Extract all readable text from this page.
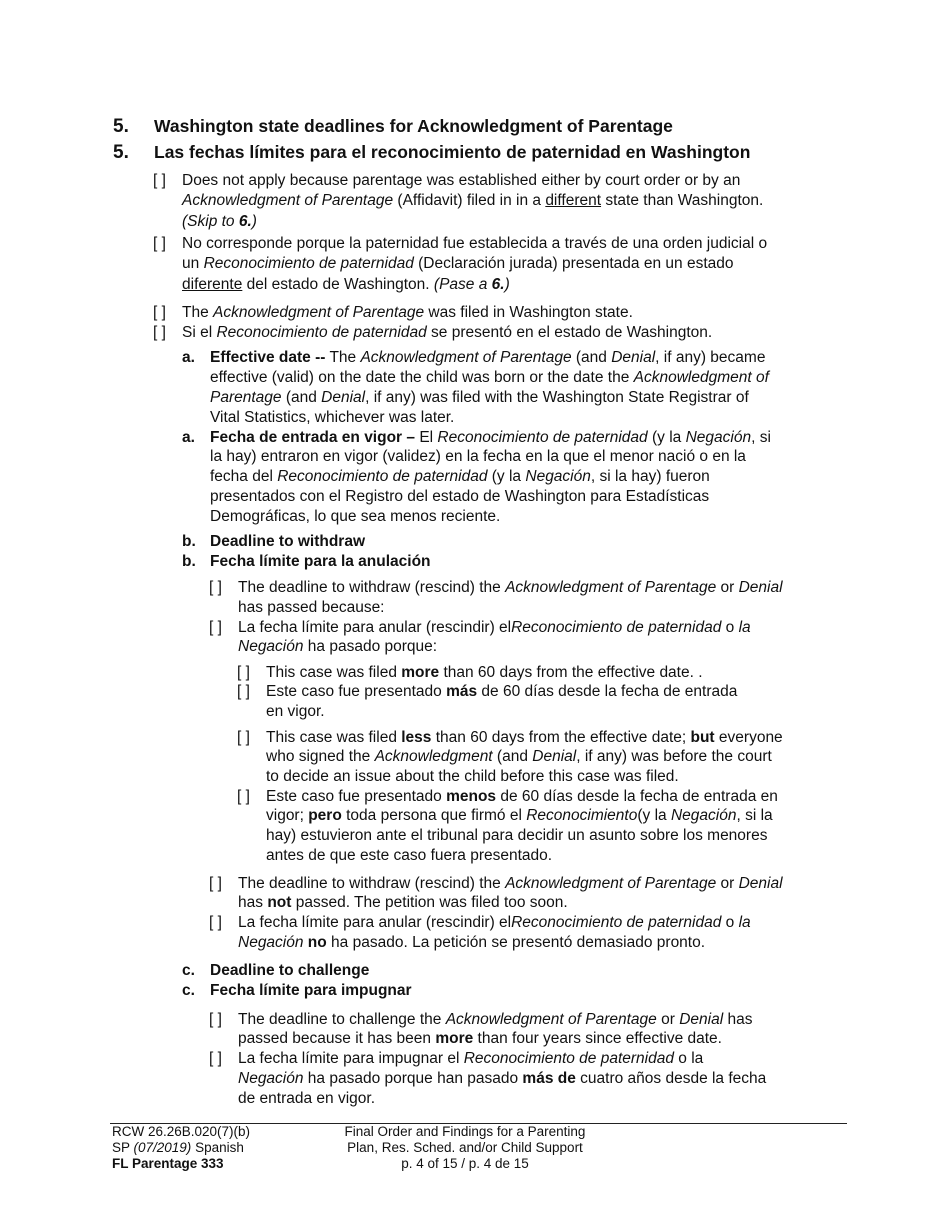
5. Washington state deadlines for Acknowledgment of Parentage
5. Las fechas límites para el reconocimiento de paternidad en Washington
[ ] Does not apply because parentage was established either by court order or by an
Acknowledgment of Parentage (Affidavit) filed in in a different state than Washington.
(Skip to 6.)
[ ] No corresponde porque la paternidad fue establecida a través de una orden judicial o
un Reconocimiento de paternidad (Declaración jurada) presentada en un estado
diferente del estado de Washington. (Pase a 6.)
[ ] The Acknowledgment of Parentage was filed in Washington state.
[ ] Si el Reconocimiento de paternidad se presentó en el estado de Washington.
a. Effective date -- The Acknowledgment of Parentage (and Denial, if any) became
effective (valid) on the date the child was born or the date the Acknowledgment of
Parentage (and Denial, if any) was filed with the Washington State Registrar of
Vital Statistics, whichever was later.
a. Fecha de entrada en vigor – El Reconocimiento de paternidad (y la Negación, si
la hay) entraron en vigor (validez) en la fecha en la que el menor nació o en la
fecha del Reconocimiento de paternidad (y la Negación, si la hay) fueron
presentados con el Registro del estado de Washington para Estadísticas
Demográficas, lo que sea menos reciente.
b. Deadline to withdraw
b. Fecha límite para la anulación
[ ] The deadline to withdraw (rescind) the Acknowledgment of Parentage or Denial
has passed because:
[ ] La fecha límite para anular (rescindir) elReconocimiento de paternidad o la
Negación ha pasado porque:
[ ] This case was filed more than 60 days from the effective date. .
[ ] Este caso fue presentado más de 60 días desde la fecha de entrada
en vigor.
[ ] This case was filed less than 60 days from the effective date; but everyone
who signed the Acknowledgment (and Denial, if any) was before the court
to decide an issue about the child before this case was filed.
[ ] Este caso fue presentado menos de 60 días desde la fecha de entrada en
vigor; pero toda persona que firmó el Reconocimiento(y la Negación, si la
hay) estuvieron ante el tribunal para decidir un asunto sobre los menores
antes de que este caso fuera presentado.
[ ] The deadline to withdraw (rescind) the Acknowledgment of Parentage or Denial
has not passed. The petition was filed too soon.
[ ] La fecha límite para anular (rescindir) elReconocimiento de paternidad o la
Negación no ha pasado. La petición se presentó demasiado pronto.
c. Deadline to challenge
c. Fecha límite para impugnar
[ ] The deadline to challenge the Acknowledgment of Parentage or Denial has
passed because it has been more than four years since effective date.
[ ] La fecha límite para impugnar el Reconocimiento de paternidad o la
Negación ha pasado porque han pasado más de cuatro años desde la fecha
de entrada en vigor.
RCW 26.26B.020(7)(b)
SP (07/2019) Spanish
FL Parentage 333
Final Order and Findings for a Parenting
Plan, Res. Sched. and/or Child Support
p. 4 of 15 / p. 4 de 15
